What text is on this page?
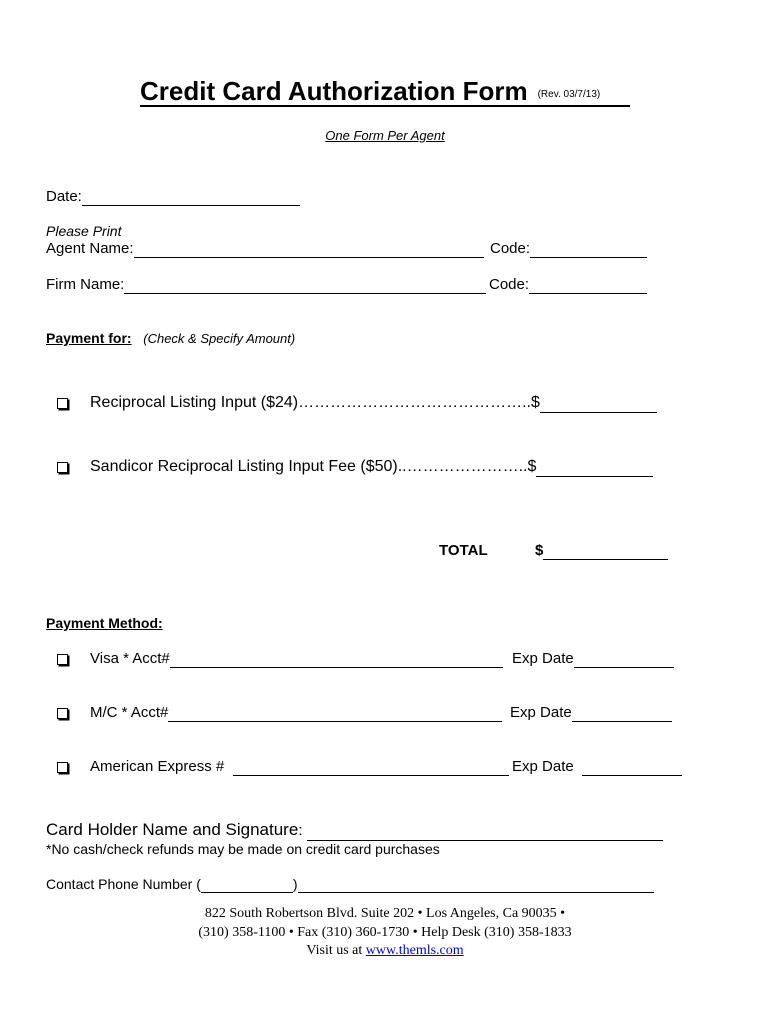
Credit Card Authorization Form (Rev. 03/7/13)
One Form Per Agent
Date:
Please Print
Agent Name:	Code:
Firm Name:	Code:
Payment for: (Check & Specify Amount)
Reciprocal Listing Input ($24)……………………………………..$
Sandicor Reciprocal Listing Input Fee ($50)..…………………..$
TOTAL	$
Payment Method:
Visa * Acct#	Exp Date
M/C * Acct#	Exp Date
American Express #	Exp Date
Card Holder Name and Signature:
*No cash/check refunds may be made on credit card purchases
Contact Phone Number (	)
822 South Robertson Blvd. Suite 202 • Los Angeles, Ca 90035 •
(310) 358-1100 • Fax (310) 360-1730 • Help Desk (310) 358-1833
Visit us at www.themls.com
